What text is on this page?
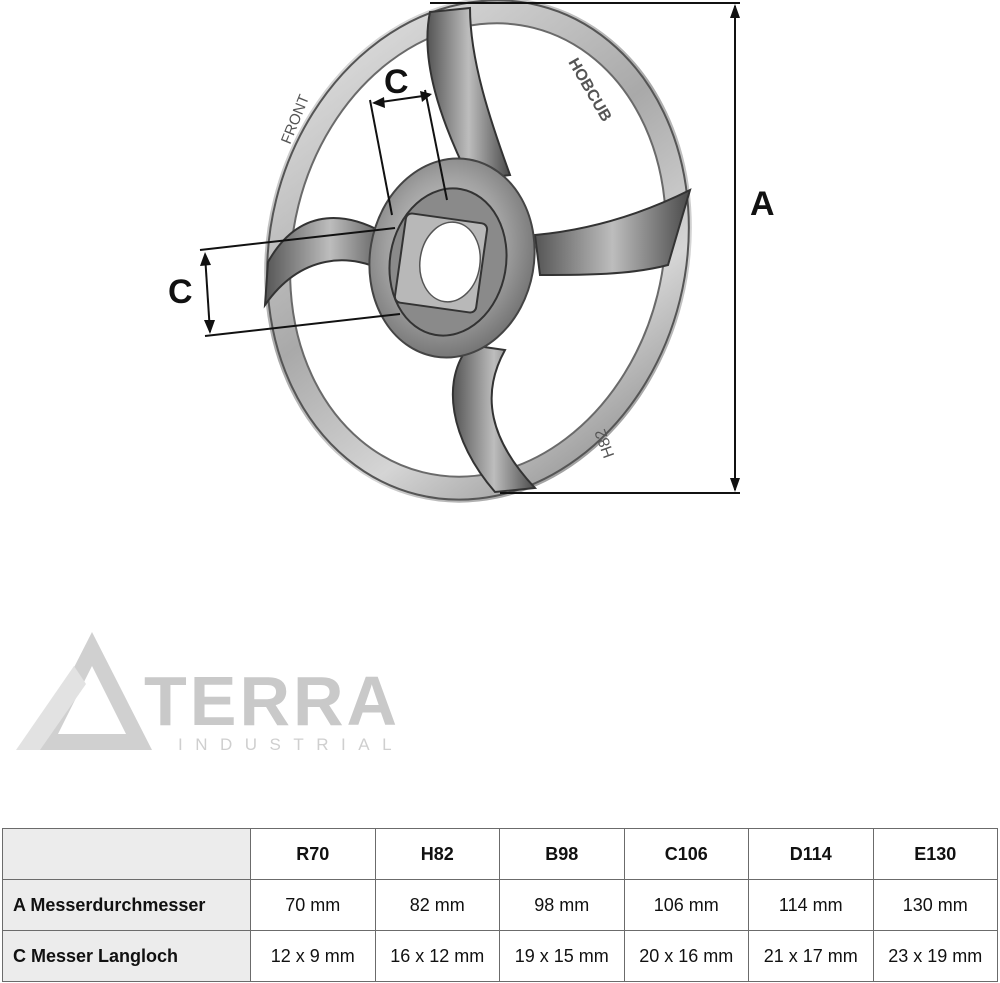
FRONT	HOBCUB
H82
A
C
C
TERRA
INDUSTRIAL
	R70	H82	B98	C106	D114	E130
A Messerdurchmesser	70 mm	82 mm	98 mm	106 mm	114 mm	130 mm
C Messer Langloch	12 x 9 mm	16 x 12 mm	19 x 15 mm	20 x 16 mm	21 x 17 mm	23 x 19 mm
